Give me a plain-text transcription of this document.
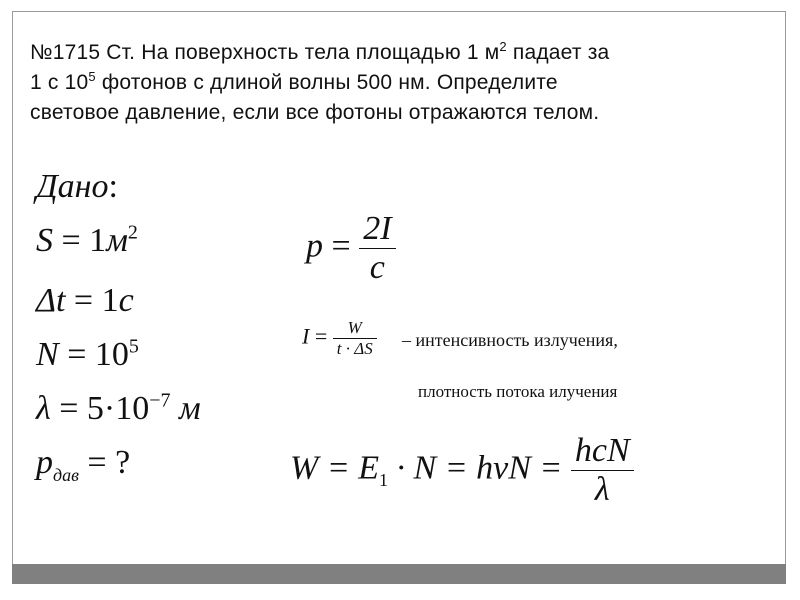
№1715 Ст. На поверхность тела площадью 1 $м^2$ падает за
1 с $10^5$ фотонов с длиной волны 500 нм. Определите
световое давление, если все фотоны отражаются телом.
Дано:
$S = 1м^2$
Δt = 1с
$N = 10^5$
$\lambda = 5\cdot 10^{-7}$ м
$p_{дав}$ = ?
$p = \frac{2I}{c}$
$I = \frac{W}{t \cdot \Delta S}$ – интенсивность излучения,
плотность потока илучения
$W = E_1 \cdot N = h\nu N = \frac{\text{hcN}}{\lambda}$
